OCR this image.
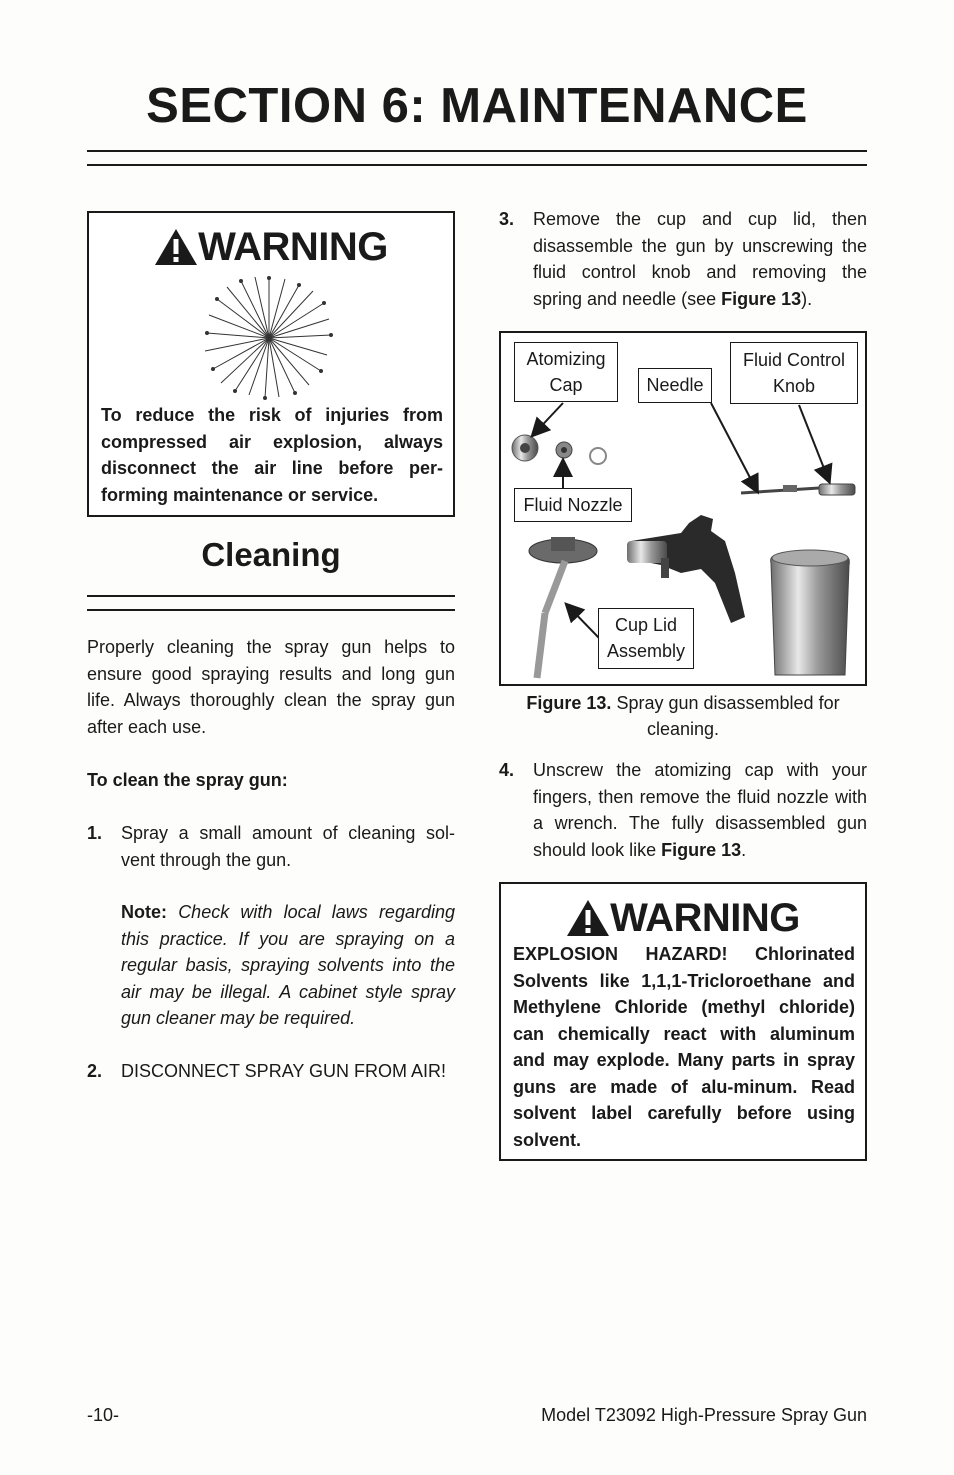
SECTION 6: MAINTENANCE
WARNING
To reduce the risk of injuries from compressed air explosion, always disconnect the air line before per-forming maintenance or service.
Cleaning
Properly cleaning the spray gun helps to ensure good spraying results and long gun life. Always thoroughly clean the spray gun after each use.
To clean the spray gun:
1. Spray a small amount of cleaning sol-vent through the gun.
Note: Check with local laws regarding this practice. If you are spraying on a regular basis, spraying solvents into the air may be illegal. A cabinet style spray gun cleaner may be required.
2. DISCONNECT SPRAY GUN FROM AIR!
3. Remove the cup and cup lid, then disassemble the gun by unscrewing the fluid control knob and removing the spring and needle (see Figure 13).
Atomizing Cap	Needle
Fluid Control Knob
Fluid Nozzle
Cup Lid Assembly
Figure 13. Spray gun disassembled for cleaning.
4. Unscrew the atomizing cap with your fingers, then remove the fluid nozzle with a wrench. The fully disassembled gun should look like Figure 13.
WARNING
EXPLOSION HAZARD! Chlorinated Solvents like 1,1,1-Tricloroethane and Methylene Chloride (methyl chloride) can chemically react with aluminum and may explode. Many parts in spray guns are made of alu-minum. Read solvent label carefully before using solvent.
-10-	Model T23092 High-Pressure Spray Gun
